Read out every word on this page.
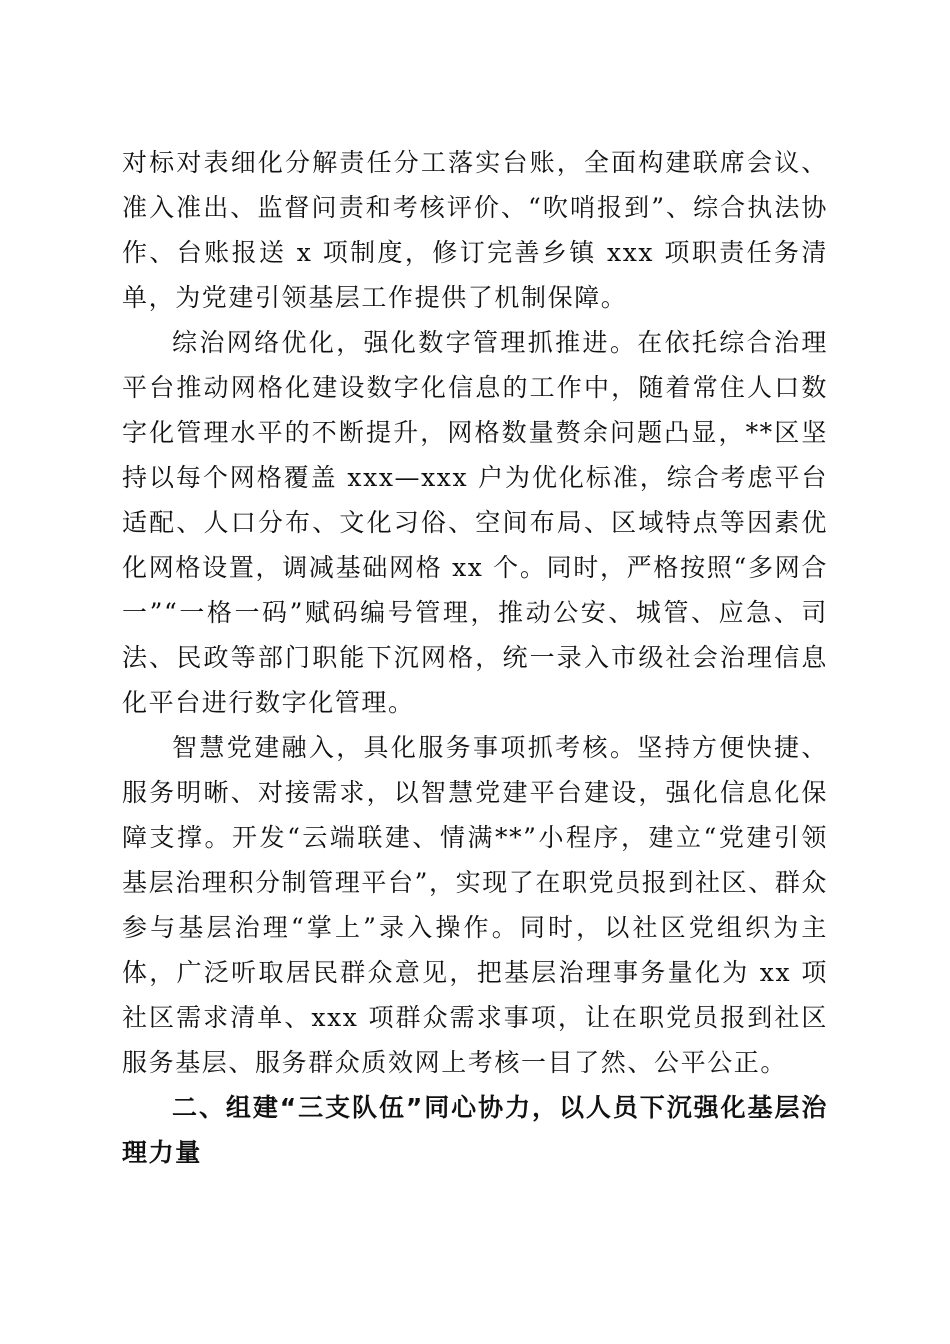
对标对表细化分解责任分工落实台账，全面构建联席会议、准入准出、监督问责和考核评价、“吹哨报到”、综合执法协作、台账报送 x 项制度，修订完善乡镇 xxx 项职责任务清单，为党建引领基层工作提供了机制保障。

综治网络优化，强化数字管理抓推进。在依托综合治理平台推动网格化建设数字化信息的工作中，随着常住人口数字化管理水平的不断提升，网格数量赘余问题凸显，**区坚持以每个网格覆盖 xxx—xxx 户为优化标准，综合考虑平台适配、人口分布、文化习俗、空间布局、区域特点等因素优化网格设置，调减基础网格 xx 个。同时，严格按照“多网合一”“一格一码”赋码编号管理，推动公安、城管、应急、司法、民政等部门职能下沉网格，统一录入市级社会治理信息化平台进行数字化管理。

智慧党建融入，具化服务事项抓考核。坚持方便快捷、服务明晰、对接需求，以智慧党建平台建设，强化信息化保障支撑。开发“云端联建、情满**”小程序，建立“党建引领基层治理积分制管理平台”，实现了在职党员报到社区、群众参与基层治理“掌上”录入操作。同时，以社区党组织为主体，广泛听取居民群众意见，把基层治理事务量化为 xx 项社区需求清单、xxx 项群众需求事项，让在职党员报到社区服务基层、服务群众质效网上考核一目了然、公平公正。

二、组建“三支队伍”同心协力，以人员下沉强化基层治理力量
